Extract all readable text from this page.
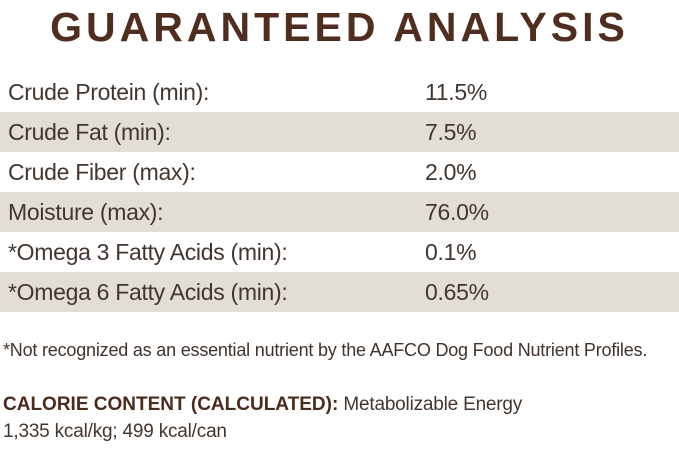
GUARANTEED ANALYSIS
Crude Protein (min):	11.5%
Crude Fat (min):	7.5%
Crude Fiber (max):	2.0%
Moisture (max):	76.0%
*Omega 3 Fatty Acids (min):	0.1%
*Omega 6 Fatty Acids (min):	0.65%

*Not recognized as an essential nutrient by the AAFCO Dog Food Nutrient Profiles.

CALORIE CONTENT (CALCULATED): Metabolizable Energy

1,335 kcal/kg; 499 kcal/can
